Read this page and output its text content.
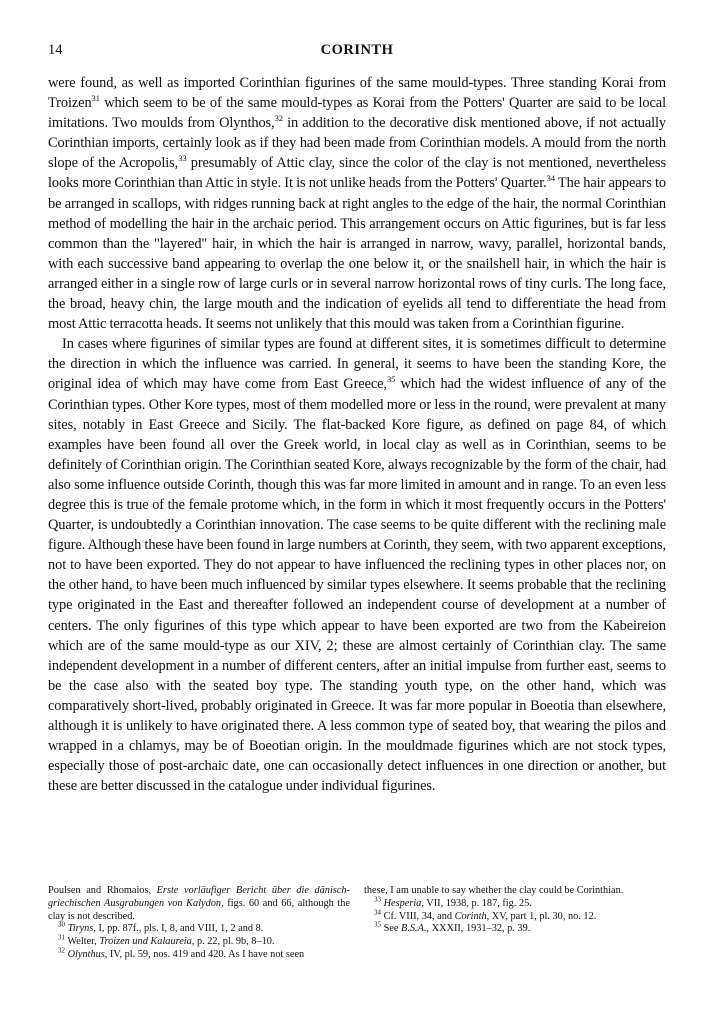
14	CORINTH

were found, as well as imported Corinthian figurines of the same mould-types. Three standing Korai from Troizen$^{31}$ which seem to be of the same mould-types as Korai from the Potters' Quarter are said to be local imitations. Two moulds from Olynthos,$^{32}$ in addition to the decorative disk mentioned above, if not actually Corinthian imports, certainly look as if they had been made from Corinthian models. A mould from the north slope of the Acropolis,$^{33}$ presumably of Attic clay, since the color of the clay is not mentioned, nevertheless looks more Corinthian than Attic in style. It is not unlike heads from the Potters' Quarter.$^{34}$ The hair appears to be arranged in scallops, with ridges running back at right angles to the edge of the hair, the normal Corinthian method of modelling the hair in the archaic period. This arrangement occurs on Attic figurines, but is far less common than the "layered" hair, in which the hair is arranged in narrow, wavy, parallel, horizontal bands, with each successive band appearing to overlap the one below it, or the snailshell hair, in which the hair is arranged either in a single row of large curls or in several narrow horizontal rows of tiny curls. The long face, the broad, heavy chin, the large mouth and the indication of eyelids all tend to differentiate the head from most Attic terracotta heads. It seems not unlikely that this mould was taken from a Corinthian figurine.

In cases where figurines of similar types are found at different sites, it is sometimes difficult to determine the direction in which the influence was carried. In general, it seems to have been the standing Kore, the original idea of which may have come from East Greece,$^{35}$ which had the widest influence of any of the Corinthian types. Other Kore types, most of them modelled more or less in the round, were prevalent at many sites, notably in East Greece and Sicily. The flat-backed Kore figure, as defined on page 84, of which examples have been found all over the Greek world, in local clay as well as in Corinthian, seems to be definitely of Corinthian origin. The Corinthian seated Kore, always recognizable by the form of the chair, had also some influence outside Corinth, though this was far more limited in amount and in range. To an even less degree this is true of the female protome which, in the form in which it most frequently occurs in the Potters' Quarter, is undoubtedly a Corinthian innovation. The case seems to be quite different with the reclining male figure. Although these have been found in large numbers at Corinth, they seem, with two apparent exceptions, not to have been exported. They do not appear to have influenced the reclining types in other places nor, on the other hand, to have been much influenced by similar types elsewhere. It seems probable that the reclining type originated in the East and thereafter followed an independent course of development at a number of centers. The only figurines of this type which appear to have been exported are two from the Kabeireion which are of the same mould-type as our XIV, 2; these are almost certainly of Corinthian clay. The same independent development in a number of different centers, after an initial impulse from further east, seems to be the case also with the seated boy type. The standing youth type, on the other hand, which was comparatively short-lived, probably originated in Greece. It was far more popular in Boeotia than elsewhere, although it is unlikely to have originated there. A less common type of seated boy, that wearing the pilos and wrapped in a chlamys, may be of Boeotian origin. In the mouldmade figurines which are not stock types, especially those of post-archaic date, one can occasionally detect influences in one direction or another, but these are better discussed in the catalogue under individual figurines.

Poulsen and Rhomaios, Erste vorläufiger Bericht über die dänisch-griechischen Ausgrabungen von Kalydon, figs. 60 and 66, although the clay is not described.

$^{30}$ Tiryns, I, pp. 87f., pls. I, 8, and VIII, 1, 2 and 8.

$^{31}$ Welter, Troizen und Kalaureia, p. 22, pl. 9b, 8–10.

$^{32}$ Olynthus, IV, pl. 59, nos. 419 and 420. As I have not seen

these, I am unable to say whether the clay could be Corinthian.

$^{33}$ Hesperia, VII, 1938, p. 187, fig. 25.

$^{34}$ Cf. VIII, 34, and Corinth, XV, part 1, pl. 30, no. 12.

$^{35}$ See B.S.A., XXXII, 1931–32, p. 39.
